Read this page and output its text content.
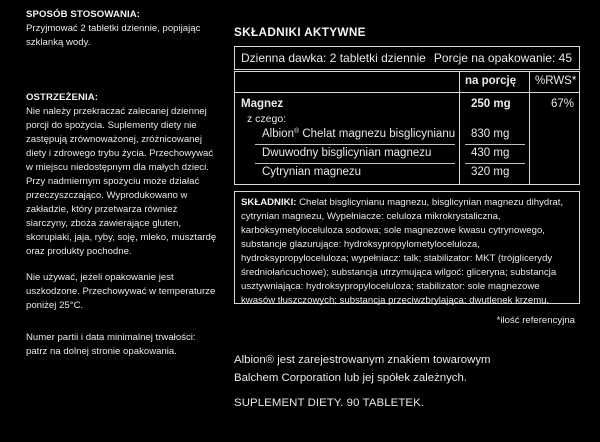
SPOSÓB STOSOWANIA:

Przyjmować 2 tabletki dziennie, popijając szklanką wody.

OSTRZEŻENIA:

Nie należy przekraczać zalecanej dziennej porcji do spożycia. Suplementy diety nie zastępują zrównoważonej, zróżnicowanej diety i zdrowego trybu życia. Przechowywać w miejscu niedostępnym dla małych dzieci. Przy nadmiernym spożyciu może działać przeczyszczająco. Wyprodukowano w zakładzie, który przetwarza również siarczyny, zboża zawierające gluten, skorupiaki, jaja, ryby, soję, mleko, musztardę oraz produkty pochodne.

Nie używać, jeżeli opakowanie jest uszkodzone. Przechowywać w temperaturze poniżej 25°C.

Numer partii i data minimalnej trwałości: patrz na dolnej stronie opakowania.

SKŁADNIKI AKTYWNE
Dzienna dawka: 2 tabletki dziennie Porcje na opakowanie: 45
na porcję %RWS*
Magnez	250 mg	67%
z czego:
Albion® Chelat magnezu bisglicynianu 830 mg
Dwuwodny bisglicynian magnezu	430 mg
Cytrynian magnezu	320 mg
SKŁADNIKI: Chelat bisglicynianu magnezu, bisglicynian magnezu dihydrat, cytrynian magnezu, Wypełniacze: celuloza mikrokrystaliczna, karboksymetyloceluloza sodowa; sole magnezowe kwasu cytrynowego, substancje glazurujące: hydroksypropylometyloceluloza, hydroksypropyloceluloza; wypełniacz: talk; stabilizator: MKT (trójglicerydy średniołańcuchowe); substancja utrzymująca wilgoć: gliceryna; substancja usztywniająca: hydroksypropyloceluloza; stabilizator: sole magnezowe kwasów tłuszczowych; substancja przeciwzbrylająca: dwutlenek krzemu.
*ilość referencyjna
Albion® jest zarejestrowanym znakiem towarowym Balchem Corporation lub jej spółek zależnych.
SUPLEMENT DIETY. 90 TABLETEK.
